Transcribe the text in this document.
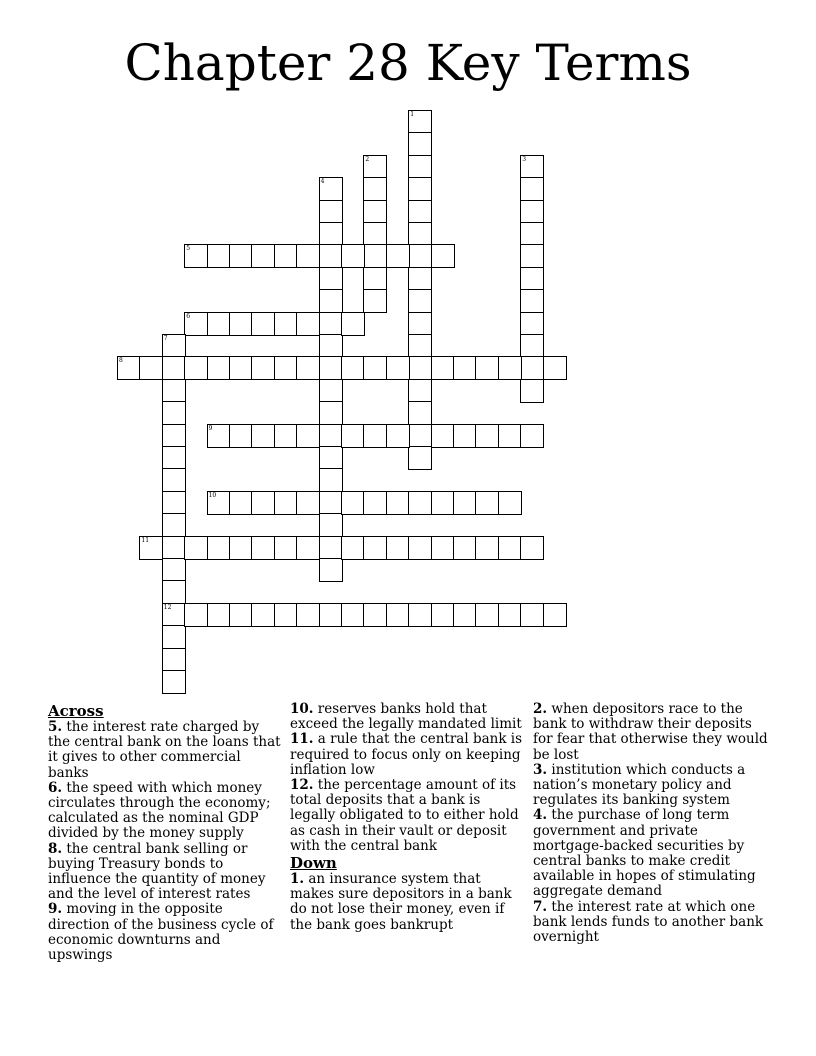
Chapter 28 Key Terms
1
2	3
4
5
6
7
12
8
9
10
11
Across

5. the interest rate charged by the central bank on the loans that it gives to other commercial banks

6. the speed with which money circulates through the economy; calculated as the nominal GDP divided by the money supply

8. the central bank selling or buying Treasury bonds to influence the quantity of money and the level of interest rates

9. moving in the opposite direction of the business cycle of economic downturns and upswings

10. reserves banks hold that exceed the legally mandated limit

11. a rule that the central bank is required to focus only on keeping inflation low

12. the percentage amount of its total deposits that a bank is legally obligated to to either hold as cash in their vault or deposit with the central bank

Down

1. an insurance system that makes sure depositors in a bank do not lose their money, even if the bank goes bankrupt

2. when depositors race to the bank to withdraw their deposits for fear that otherwise they would be lost

3. institution which conducts a nation’s monetary policy and regulates its banking system

4. the purchase of long term government and private mortgage-backed securities by central banks to make credit available in hopes of stimulating aggregate demand

7. the interest rate at which one bank lends funds to another bank overnight
